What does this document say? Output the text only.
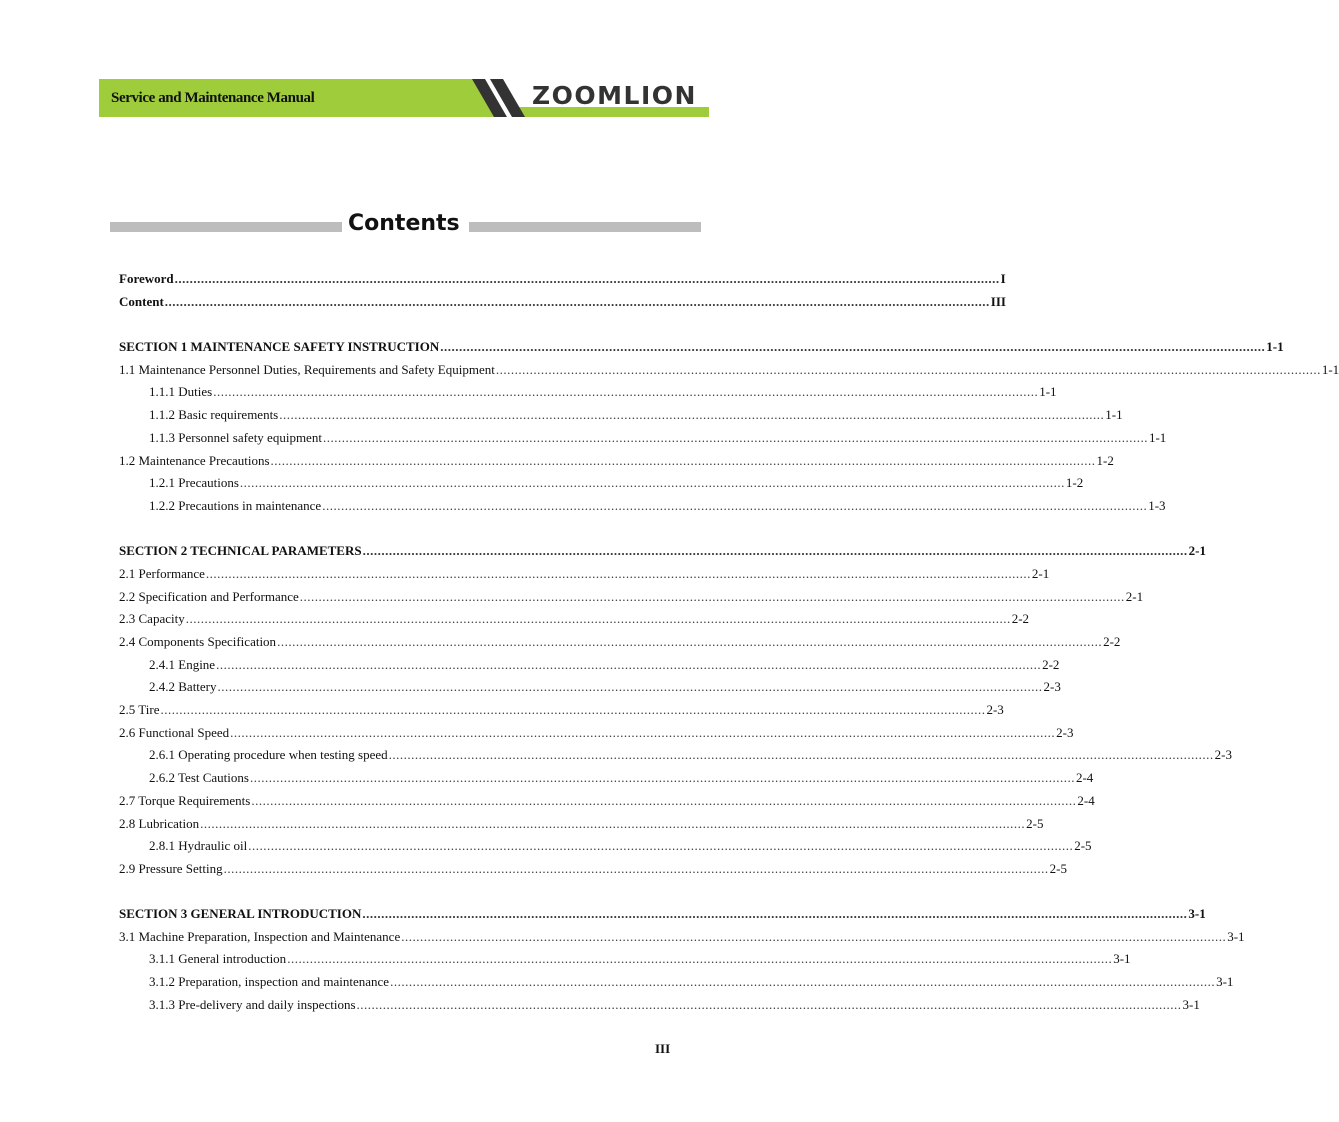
Service and Maintenance Manual	ZOOMLION
Contents
Foreword ............................................................................................................................................................................................................................ I
Content ............................................................................................................................................................................................................................ III
SECTION 1 MAINTENANCE SAFETY INSTRUCTION ............................................................................................................................................................................................................................ 1-1
1.1 Maintenance Personnel Duties, Requirements and Safety Equipment ............................................................................................................................................................................................................................ 1-1
1.1.1 Duties ............................................................................................................................................................................................................................ 1-1
1.1.2 Basic requirements ............................................................................................................................................................................................................................ 1-1
1.1.3 Personnel safety equipment ............................................................................................................................................................................................................................ 1-1
1.2 Maintenance Precautions ............................................................................................................................................................................................................................ 1-2
1.2.1 Precautions ............................................................................................................................................................................................................................ 1-2
1.2.2 Precautions in maintenance ............................................................................................................................................................................................................................ 1-3
SECTION 2 TECHNICAL PARAMETERS ............................................................................................................................................................................................................................ 2-1
2.1 Performance ............................................................................................................................................................................................................................ 2-1
2.2 Specification and Performance ............................................................................................................................................................................................................................ 2-1
2.3 Capacity ............................................................................................................................................................................................................................ 2-2
2.4 Components Specification ............................................................................................................................................................................................................................ 2-2
2.4.1 Engine ............................................................................................................................................................................................................................ 2-2
2.4.2 Battery ............................................................................................................................................................................................................................ 2-3
2.5 Tire ............................................................................................................................................................................................................................ 2-3
2.6 Functional Speed ............................................................................................................................................................................................................................ 2-3
2.6.1 Operating procedure when testing speed ............................................................................................................................................................................................................................ 2-3
2.6.2 Test Cautions ............................................................................................................................................................................................................................ 2-4
2.7 Torque Requirements ............................................................................................................................................................................................................................ 2-4
2.8 Lubrication ............................................................................................................................................................................................................................ 2-5
2.8.1 Hydraulic oil ............................................................................................................................................................................................................................ 2-5
2.9 Pressure Setting ............................................................................................................................................................................................................................ 2-5
SECTION 3 GENERAL INTRODUCTION ............................................................................................................................................................................................................................ 3-1
3.1 Machine Preparation, Inspection and Maintenance ............................................................................................................................................................................................................................ 3-1
3.1.1 General introduction ............................................................................................................................................................................................................................ 3-1
3.1.2 Preparation, inspection and maintenance ............................................................................................................................................................................................................................ 3-1
3.1.3 Pre-delivery and daily inspections ............................................................................................................................................................................................................................ 3-1
III
